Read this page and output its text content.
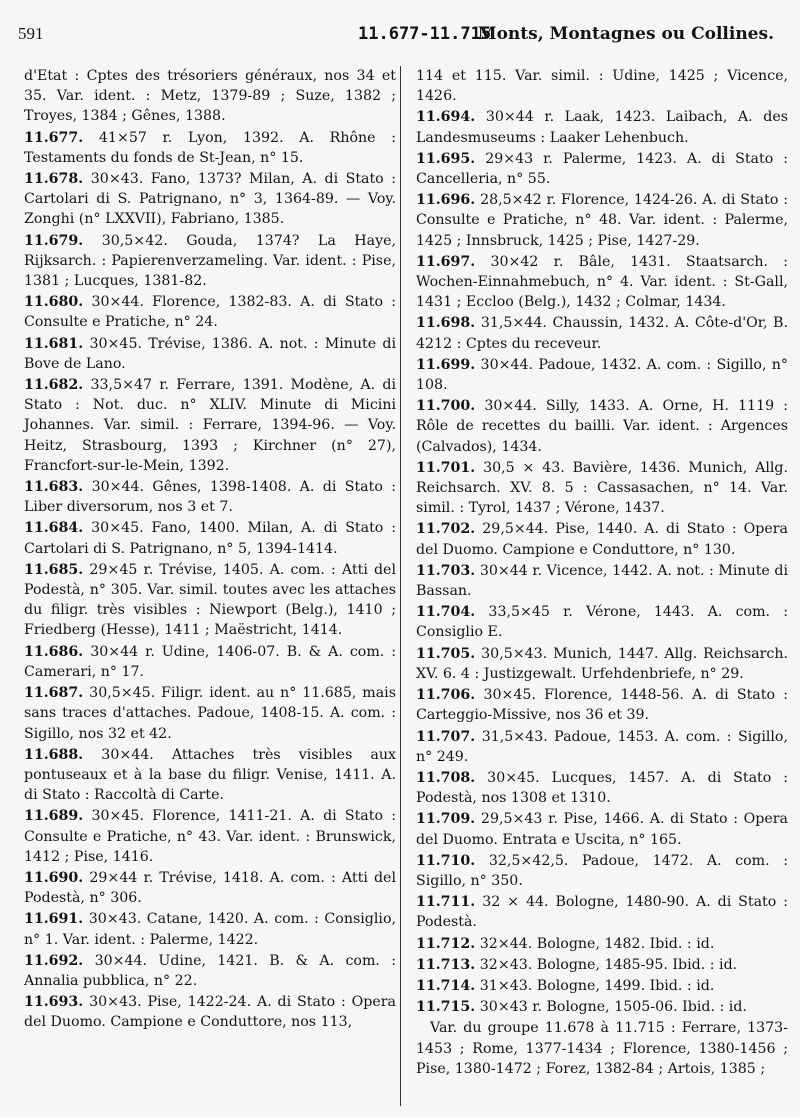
591	11.677-11.715
Monts, Montagnes ou Collines.

d'Etat : Cptes des trésoriers généraux, nos 34 et 35. Var. ident. : Metz, 1379-89 ; Suze, 1382 ; Troyes, 1384 ; Gênes, 1388.

11.677. 41×57 r. Lyon, 1392. A. Rhône : Testaments du fonds de St-Jean, n° 15.

11.678. 30×43. Fano, 1373? Milan, A. di Stato : Cartolari di S. Patrignano, n° 3, 1364-89. — Voy. Zonghi (n° LXXVII), Fabriano, 1385.

11.679. 30,5×42. Gouda, 1374? La Haye, Rijksarch. : Papierenverzameling. Var. ident. : Pise, 1381 ; Lucques, 1381-82.

11.680. 30×44. Florence, 1382-83. A. di Stato : Consulte e Pratiche, n° 24.

11.681. 30×45. Trévise, 1386. A. not. : Minute di Bove de Lano.

11.682. 33,5×47 r. Ferrare, 1391. Modène, A. di Stato : Not. duc. n° XLIV. Minute di Micini Johannes. Var. simil. : Ferrare, 1394-96. — Voy. Heitz, Strasbourg, 1393 ; Kirchner (n° 27), Francfort-sur-le-Mein, 1392.

11.683. 30×44. Gênes, 1398-1408. A. di Stato : Liber diversorum, nos 3 et 7.

11.684. 30×45. Fano, 1400. Milan, A. di Stato : Cartolari di S. Patrignano, n° 5, 1394-1414.

11.685. 29×45 r. Trévise, 1405. A. com. : Atti del Podestà, n° 305. Var. simil. toutes avec les attaches du filigr. très visibles : Niewport (Belg.), 1410 ; Friedberg (Hesse), 1411 ; Maëstricht, 1414.

11.686. 30×44 r. Udine, 1406-07. B. & A. com. : Camerari, n° 17.

11.687. 30,5×45. Filigr. ident. au n° 11.685, mais sans traces d'attaches. Padoue, 1408-15. A. com. : Sigillo, nos 32 et 42.

11.688. 30×44. Attaches très visibles aux pontuseaux et à la base du filigr. Venise, 1411. A. di Stato : Raccoltà di Carte.

11.689. 30×45. Florence, 1411-21. A. di Stato : Consulte e Pratiche, n° 43. Var. ident. : Brunswick, 1412 ; Pise, 1416.

11.690. 29×44 r. Trévise, 1418. A. com. : Atti del Podestà, n° 306.

11.691. 30×43. Catane, 1420. A. com. : Consiglio, n° 1. Var. ident. : Palerme, 1422.

11.692. 30×44. Udine, 1421. B. & A. com. : Annalia pubblica, n° 22.

11.693. 30×43. Pise, 1422-24. A. di Stato : Opera del Duomo. Campione e Conduttore, nos 113,

114 et 115. Var. simil. : Udine, 1425 ; Vicence, 1426.

11.694. 30×44 r. Laak, 1423. Laibach, A. des Landesmuseums : Laaker Lehenbuch.

11.695. 29×43 r. Palerme, 1423. A. di Stato : Cancelleria, n° 55.

11.696. 28,5×42 r. Florence, 1424-26. A. di Stato : Consulte e Pratiche, n° 48. Var. ident. : Palerme, 1425 ; Innsbruck, 1425 ; Pise, 1427-29.

11.697. 30×42 r. Bâle, 1431. Staatsarch. : Wochen-Einnahmebuch, n° 4. Var. ident. : St-Gall, 1431 ; Eccloo (Belg.), 1432 ; Colmar, 1434.

11.698. 31,5×44. Chaussin, 1432. A. Côte-d'Or, B. 4212 : Cptes du receveur.

11.699. 30×44. Padoue, 1432. A. com. : Sigillo, n° 108.

11.700. 30×44. Silly, 1433. A. Orne, H. 1119 : Rôle de recettes du bailli. Var. ident. : Argences (Calvados), 1434.

11.701. 30,5 × 43. Bavière, 1436. Munich, Allg. Reichsarch. XV. 8. 5 : Cassasachen, n° 14. Var. simil. : Tyrol, 1437 ; Vérone, 1437.

11.702. 29,5×44. Pise, 1440. A. di Stato : Opera del Duomo. Campione e Conduttore, n° 130.

11.703. 30×44 r. Vicence, 1442. A. not. : Minute di Bassan.

11.704. 33,5×45 r. Vérone, 1443. A. com. : Consiglio E.

11.705. 30,5×43. Munich, 1447. Allg. Reichsarch. XV. 6. 4 : Justizgewalt. Urfehdenbriefe, n° 29.

11.706. 30×45. Florence, 1448-56. A. di Stato : Carteggio-Missive, nos 36 et 39.

11.707. 31,5×43. Padoue, 1453. A. com. : Sigillo, n° 249.

11.708. 30×45. Lucques, 1457. A. di Stato : Podestà, nos 1308 et 1310.

11.709. 29,5×43 r. Pise, 1466. A. di Stato : Opera del Duomo. Entrata e Uscita, n° 165.

11.710. 32,5×42,5. Padoue, 1472. A. com. : Sigillo, n° 350.

11.711. 32 × 44. Bologne, 1480-90. A. di Stato : Podestà.

11.712. 32×44. Bologne, 1482. Ibid. : id.

11.713. 32×43. Bologne, 1485-95. Ibid. : id.

11.714. 31×43. Bologne, 1499. Ibid. : id.

11.715. 30×43 r. Bologne, 1505-06. Ibid. : id.

Var. du groupe 11.678 à 11.715 : Ferrare, 1373-1453 ; Rome, 1377-1434 ; Florence, 1380-1456 ; Pise, 1380-1472 ; Forez, 1382-84 ; Artois, 1385 ;
